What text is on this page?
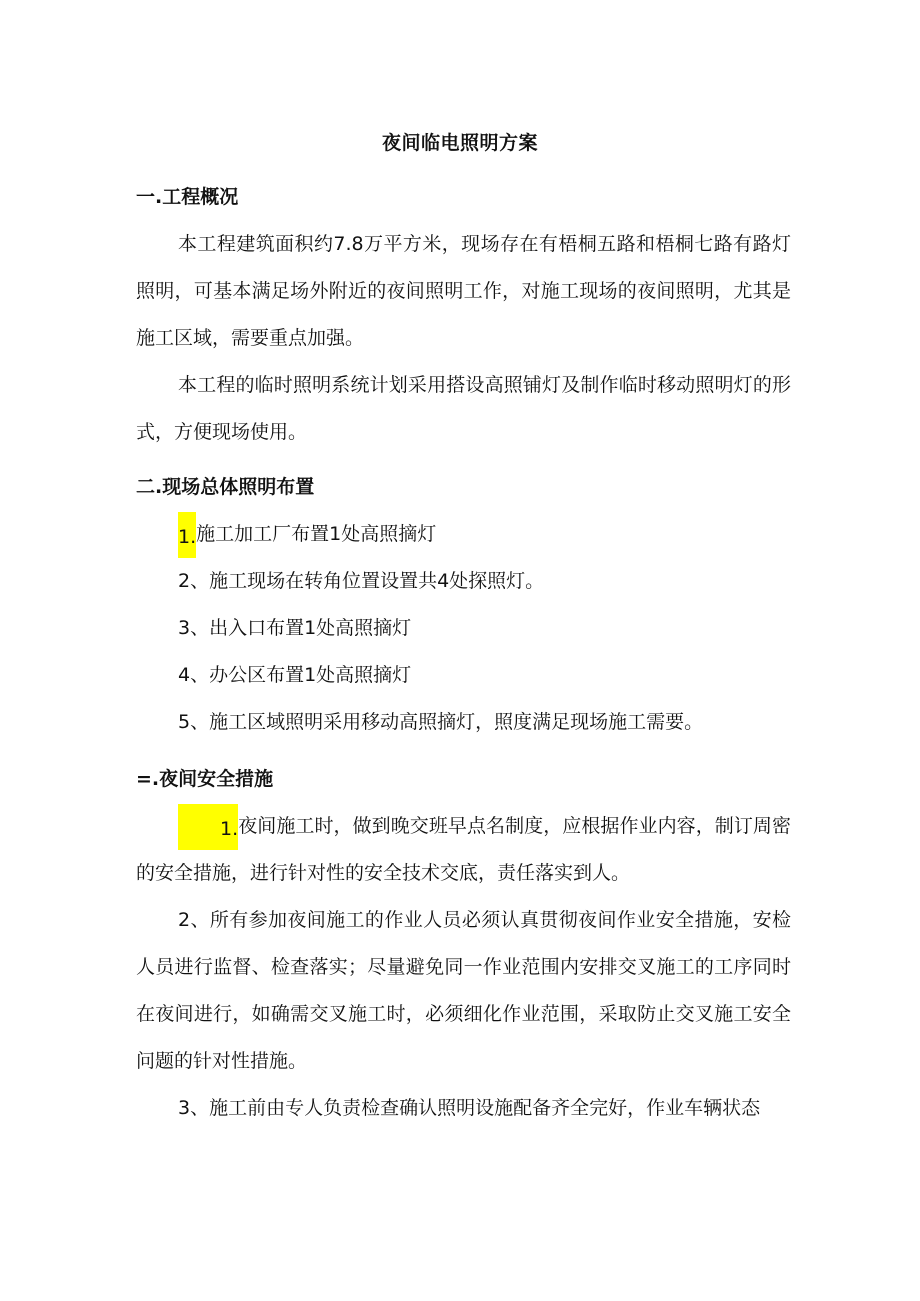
夜间临电照明方案
一.工程概况
本工程建筑面积约7.8万平方米，现场存在有梧桐五路和梧桐七路有路灯照明，可基本满足场外附近的夜间照明工作，对施工现场的夜间照明，尤其是施工区域，需要重点加强。
本工程的临时照明系统计划采用搭设高照铺灯及制作临时移动照明灯的形式，方便现场使用。
二.现场总体照明布置
1.施工加工厂布置1处高照摘灯
2、施工现场在转角位置设置共4处探照灯。
3、出入口布置1处高照摘灯
4、办公区布置1处高照摘灯
5、施工区域照明采用移动高照摘灯，照度满足现场施工需要。
=.夜间安全措施
1.夜间施工时，做到晚交班早点名制度，应根据作业内容，制订周密的安全措施，进行针对性的安全技术交底，责任落实到人。
2、所有参加夜间施工的作业人员必须认真贯彻夜间作业安全措施，安检人员进行监督、检查落实；尽量避免同一作业范围内安排交叉施工的工序同时在夜间进行，如确需交叉施工时，必须细化作业范围，采取防止交叉施工安全问题的针对性措施。
3、施工前由专人负责检查确认照明设施配备齐全完好，作业车辆状态
